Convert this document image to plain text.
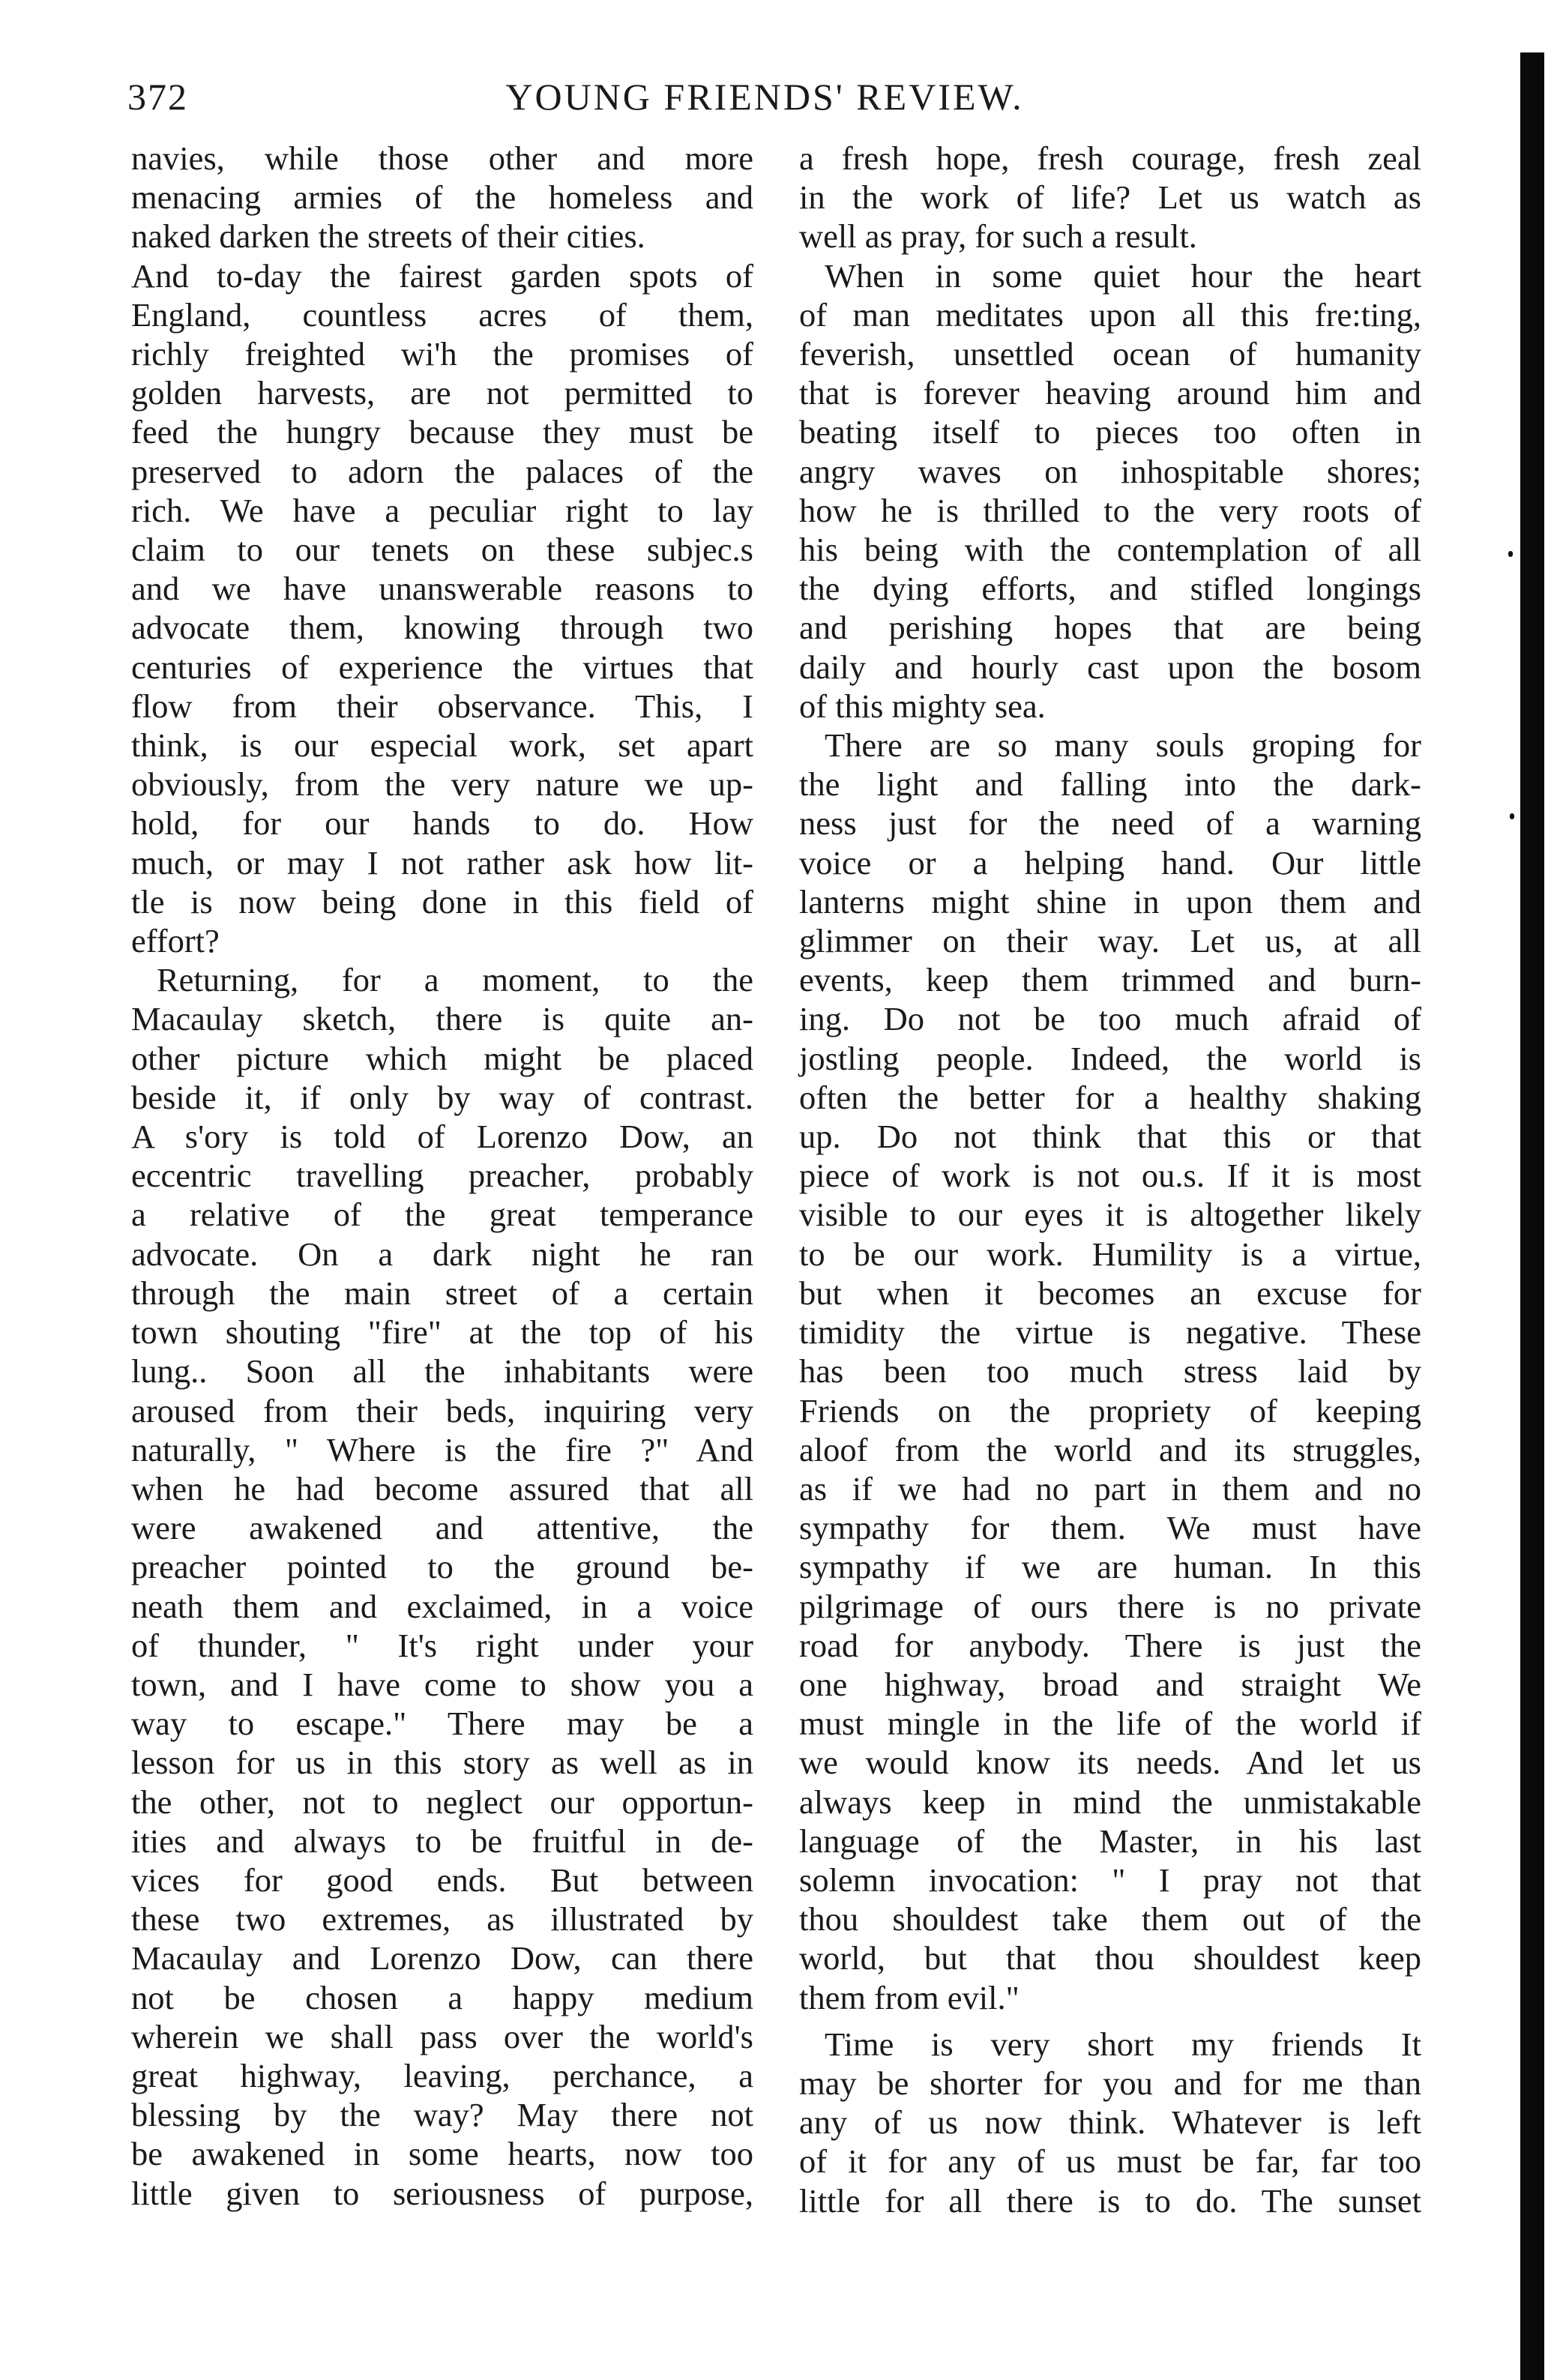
372	YOUNG FRIENDS' REVIEW.
navies, while those other and more
menacing armies of the homeless and
naked darken the streets of their cities.
And to-day the fairest garden spots of
England, countless acres of them,
richly freighted wi'h the promises of
golden harvests, are not permitted to
feed the hungry because they must be
preserved to adorn the palaces of the
rich. We have a peculiar right to lay
claim to our tenets on these subjec.s
and we have unanswerable reasons to
advocate them, knowing through two
centuries of experience the virtues that
flow from their observance. This, I
think, is our especial work, set apart
obviously, from the very nature we up-
hold, for our hands to do. How
much, or may I not rather ask how lit-
tle is now being done in this field of
effort?
Returning, for a moment, to the
Macaulay sketch, there is quite an-
other picture which might be placed
beside it, if only by way of contrast.
A s'ory is told of Lorenzo Dow, an
eccentric travelling preacher, probably
a relative of the great temperance
advocate. On a dark night he ran
through the main street of a certain
town shouting "fire" at the top of his
lung.. Soon all the inhabitants were
aroused from their beds, inquiring very
naturally, " Where is the fire ?" And
when he had become assured that all
were awakened and attentive, the
preacher pointed to the ground be-
neath them and exclaimed, in a voice
of thunder, " It's right under your
town, and I have come to show you a
way to escape." There may be a
lesson for us in this story as well as in
the other, not to neglect our opportun-
ities and always to be fruitful in de-
vices for good ends. But between
these two extremes, as illustrated by
Macaulay and Lorenzo Dow, can there
not be chosen a happy medium
wherein we shall pass over the world's
great highway, leaving, perchance, a
blessing by the way? May there not
be awakened in some hearts, now too
little given to seriousness of purpose,
a fresh hope, fresh courage, fresh zeal
in the work of life? Let us watch as
well as pray, for such a result.
When in some quiet hour the heart
of man meditates upon all this fre:ting,
feverish, unsettled ocean of humanity
that is forever heaving around him and
beating itself to pieces too often in
angry waves on inhospitable shores;
how he is thrilled to the very roots of
his being with the contemplation of all
the dying efforts, and stifled longings
and perishing hopes that are being
daily and hourly cast upon the bosom
of this mighty sea.
There are so many souls groping for
the light and falling into the dark-
ness just for the need of a warning
voice or a helping hand. Our little
lanterns might shine in upon them and
glimmer on their way. Let us, at all
events, keep them trimmed and burn-
ing. Do not be too much afraid of
jostling people. Indeed, the world is
often the better for a healthy shaking
up. Do not think that this or that
piece of work is not ou.s. If it is most
visible to our eyes it is altogether likely
to be our work. Humility is a virtue,
but when it becomes an excuse for
timidity the virtue is negative. These
has been too much stress laid by
Friends on the propriety of keeping
aloof from the world and its struggles,
as if we had no part in them and no
sympathy for them. We must have
sympathy if we are human. In this
pilgrimage of ours there is no private
road for anybody. There is just the
one highway, broad and straight We
must mingle in the life of the world if
we would know its needs. And let us
always keep in mind the unmistakable
language of the Master, in his last
solemn invocation: " I pray not that
thou shouldest take them out of the
world, but that thou shouldest keep
them from evil."
Time is very short my friends It
may be shorter for you and for me than
any of us now think. Whatever is left
of it for any of us must be far, far too
little for all there is to do. The sunset
